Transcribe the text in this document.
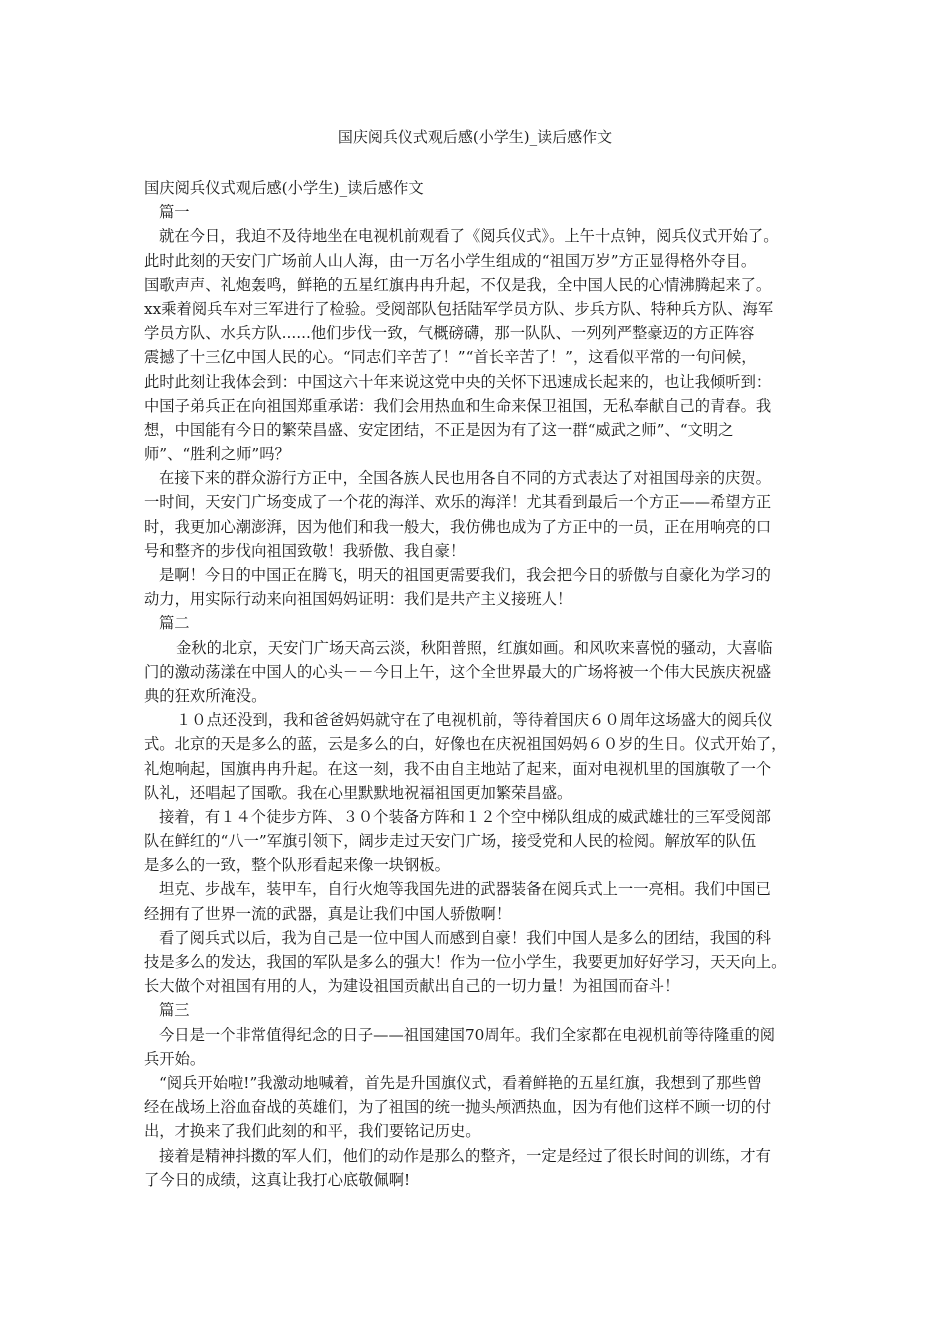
国庆阅兵仪式观后感(小学生)_读后感作文
国庆阅兵仪式观后感(小学生)_读后感作文
篇一
就在今日，我迫不及待地坐在电视机前观看了《阅兵仪式》。上午十点钟，阅兵仪式开始了。
此时此刻的天安门广场前人山人海，由一万名小学生组成的“祖国万岁”方正显得格外夺目。
国歌声声、礼炮轰鸣，鲜艳的五星红旗冉冉升起，不仅是我，全中国人民的心情沸腾起来了。
xx乘着阅兵车对三军进行了检验。受阅部队包括陆军学员方队、步兵方队、特种兵方队、海军
学员方队、水兵方队......他们步伐一致，气概磅礴，那一队队、一列列严整豪迈的方正阵容
震撼了十三亿中国人民的心。“同志们辛苦了！”“首长辛苦了！”，这看似平常的一句问候，
此时此刻让我体会到：中国这六十年来说这党中央的关怀下迅速成长起来的，也让我倾听到：
中国子弟兵正在向祖国郑重承诺：我们会用热血和生命来保卫祖国，无私奉献自己的青春。我
想，中国能有今日的繁荣昌盛、安定团结，不正是因为有了这一群“威武之师”、“文明之
师”、“胜利之师”吗？
在接下来的群众游行方正中，全国各族人民也用各自不同的方式表达了对祖国母亲的庆贺。
一时间，天安门广场变成了一个花的海洋、欢乐的海洋！尤其看到最后一个方正——希望方正
时，我更加心潮澎湃，因为他们和我一般大，我仿佛也成为了方正中的一员，正在用响亮的口
号和整齐的步伐向祖国致敬！我骄傲、我自豪！
是啊！今日的中国正在腾飞，明天的祖国更需要我们，我会把今日的骄傲与自豪化为学习的
动力，用实际行动来向祖国妈妈证明：我们是共产主义接班人！
篇二
金秋的北京，天安门广场天高云淡，秋阳普照，红旗如画。和风吹来喜悦的骚动，大喜临
门的激动荡漾在中国人的心头－－今日上午，这个全世界最大的广场将被一个伟大民族庆祝盛
典的狂欢所淹没。
１０点还没到，我和爸爸妈妈就守在了电视机前，等待着国庆６０周年这场盛大的阅兵仪
式。北京的天是多么的蓝，云是多么的白，好像也在庆祝祖国妈妈６０岁的生日。仪式开始了，
礼炮响起，国旗冉冉升起。在这一刻，我不由自主地站了起来，面对电视机里的国旗敬了一个
队礼，还唱起了国歌。我在心里默默地祝福祖国更加繁荣昌盛。
接着，有１４个徒步方阵、３０个装备方阵和１２个空中梯队组成的威武雄壮的三军受阅部
队在鲜红的“八一”军旗引领下，阔步走过天安门广场，接受党和人民的检阅。解放军的队伍
是多么的一致，整个队形看起来像一块钢板。
坦克、步战车，装甲车，自行火炮等我国先进的武器装备在阅兵式上一一亮相。我们中国已
经拥有了世界一流的武器，真是让我们中国人骄傲啊！
看了阅兵式以后，我为自己是一位中国人而感到自豪！我们中国人是多么的团结，我国的科
技是多么的发达，我国的军队是多么的强大！作为一位小学生，我要更加好好学习，天天向上。
长大做个对祖国有用的人，为建设祖国贡献出自己的一切力量！为祖国而奋斗！
篇三
今日是一个非常值得纪念的日子——祖国建国70周年。我们全家都在电视机前等待隆重的阅
兵开始。
“阅兵开始啦!”我激动地喊着，首先是升国旗仪式，看着鲜艳的五星红旗，我想到了那些曾
经在战场上浴血奋战的英雄们，为了祖国的统一抛头颅洒热血，因为有他们这样不顾一切的付
出，才换来了我们此刻的和平，我们要铭记历史。
接着是精神抖擞的军人们，他们的动作是那么的整齐，一定是经过了很长时间的训练，才有
了今日的成绩，这真让我打心底敬佩啊!
